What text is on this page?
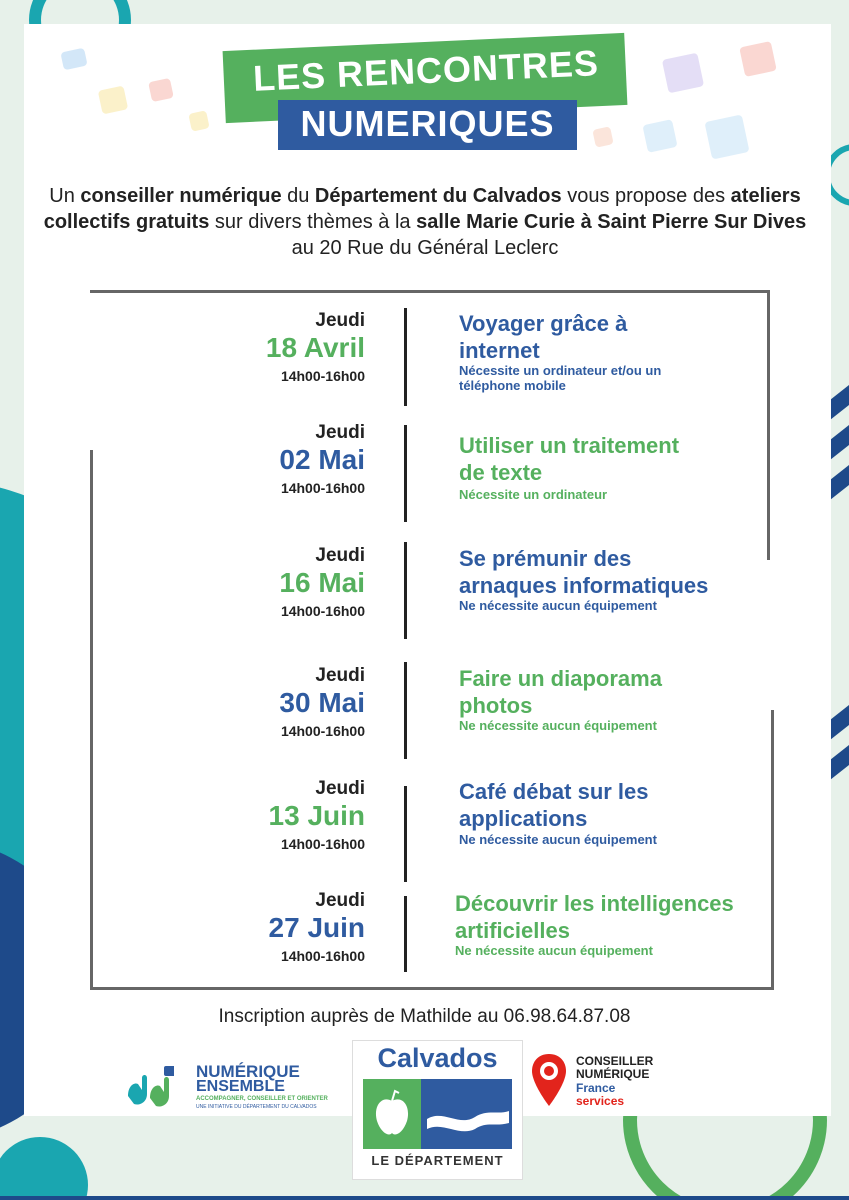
LES RENCONTRES
NUMERIQUES
Un conseiller numérique du Département du Calvados vous propose des ateliers collectifs gratuits sur divers thèmes à la salle Marie Curie à Saint Pierre Sur Dives au 20 Rue du Général Leclerc
Jeudi
18 Avril
14h00-16h00
Voyager grâce à
internet
Nécessite un ordinateur et/ou un
téléphone mobile
Jeudi
02 Mai
14h00-16h00
Utiliser un traitement
de texte
Nécessite un ordinateur
Jeudi
16 Mai
14h00-16h00
Se prémunir des
arnaques informatiques
Ne nécessite aucun équipement
Jeudi
30 Mai
14h00-16h00
Faire un diaporama
photos
Ne nécessite aucun équipement
Jeudi
13 Juin
14h00-16h00
Café débat sur les
applications
Ne nécessite aucun équipement
Jeudi
27 Juin
14h00-16h00
Découvrir les intelligences
artificielles
Ne nécessite aucun équipement
Inscription auprès de Mathilde au 06.98.64.87.08
NUMÉRIQUE
ENSEMBLE
ACCOMPAGNER, CONSEILLER ET ORIENTER
UNE INITIATIVE DU DÉPARTEMENT DU CALVADOS
Calvados
LE DÉPARTEMENT
CONSEILLER
NUMÉRIQUE
France
services
